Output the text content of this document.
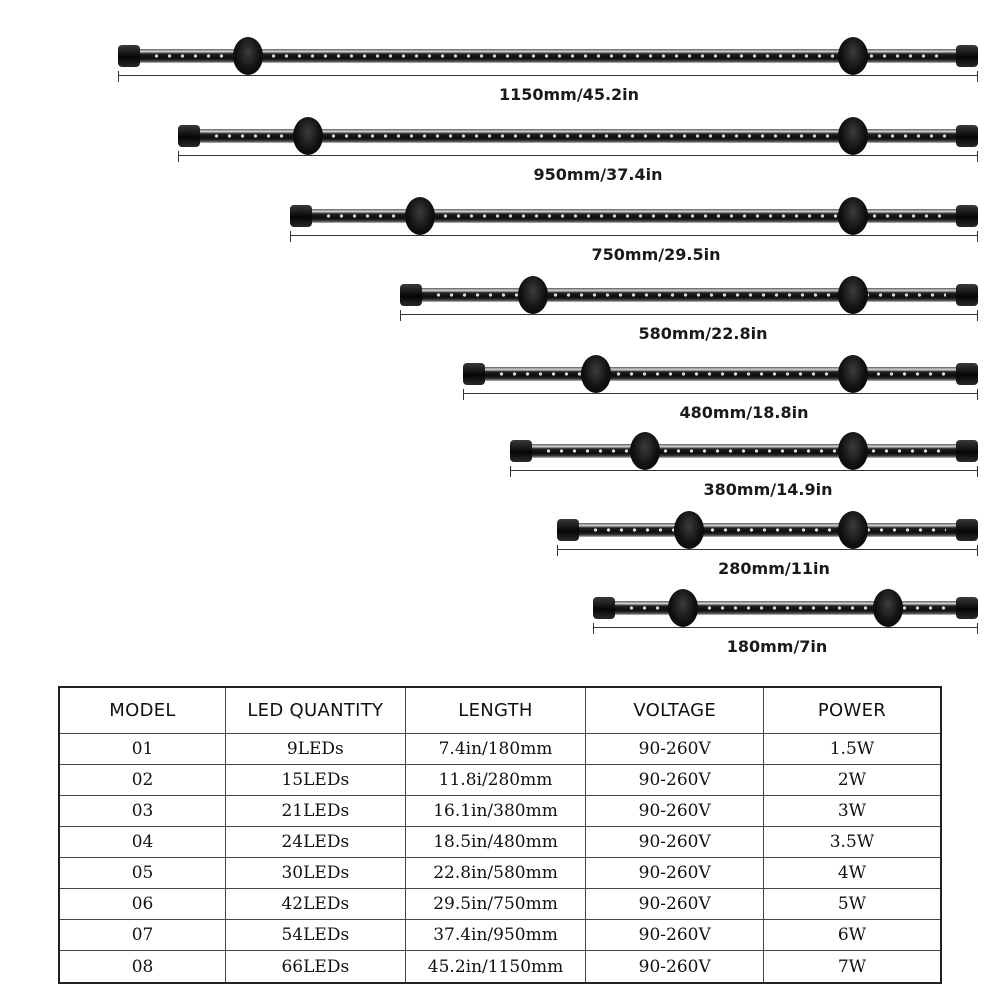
1150mm/45.2in
950mm/37.4in
750mm/29.5in
580mm/22.8in
480mm/18.8in
380mm/14.9in
280mm/11in
180mm/7in
MODEL	LED QUANTITY	LENGTH	VOLTAGE	POWER
01	9LEDs	7.4in/180mm	90-260V	1.5W
02	15LEDs	11.8i/280mm	90-260V	2W
03	21LEDs	16.1in/380mm	90-260V	3W
04	24LEDs	18.5in/480mm	90-260V	3.5W
05	30LEDs	22.8in/580mm	90-260V	4W
06	42LEDs	29.5in/750mm	90-260V	5W
07	54LEDs	37.4in/950mm	90-260V	6W
08	66LEDs	45.2in/1150mm	90-260V	7W
